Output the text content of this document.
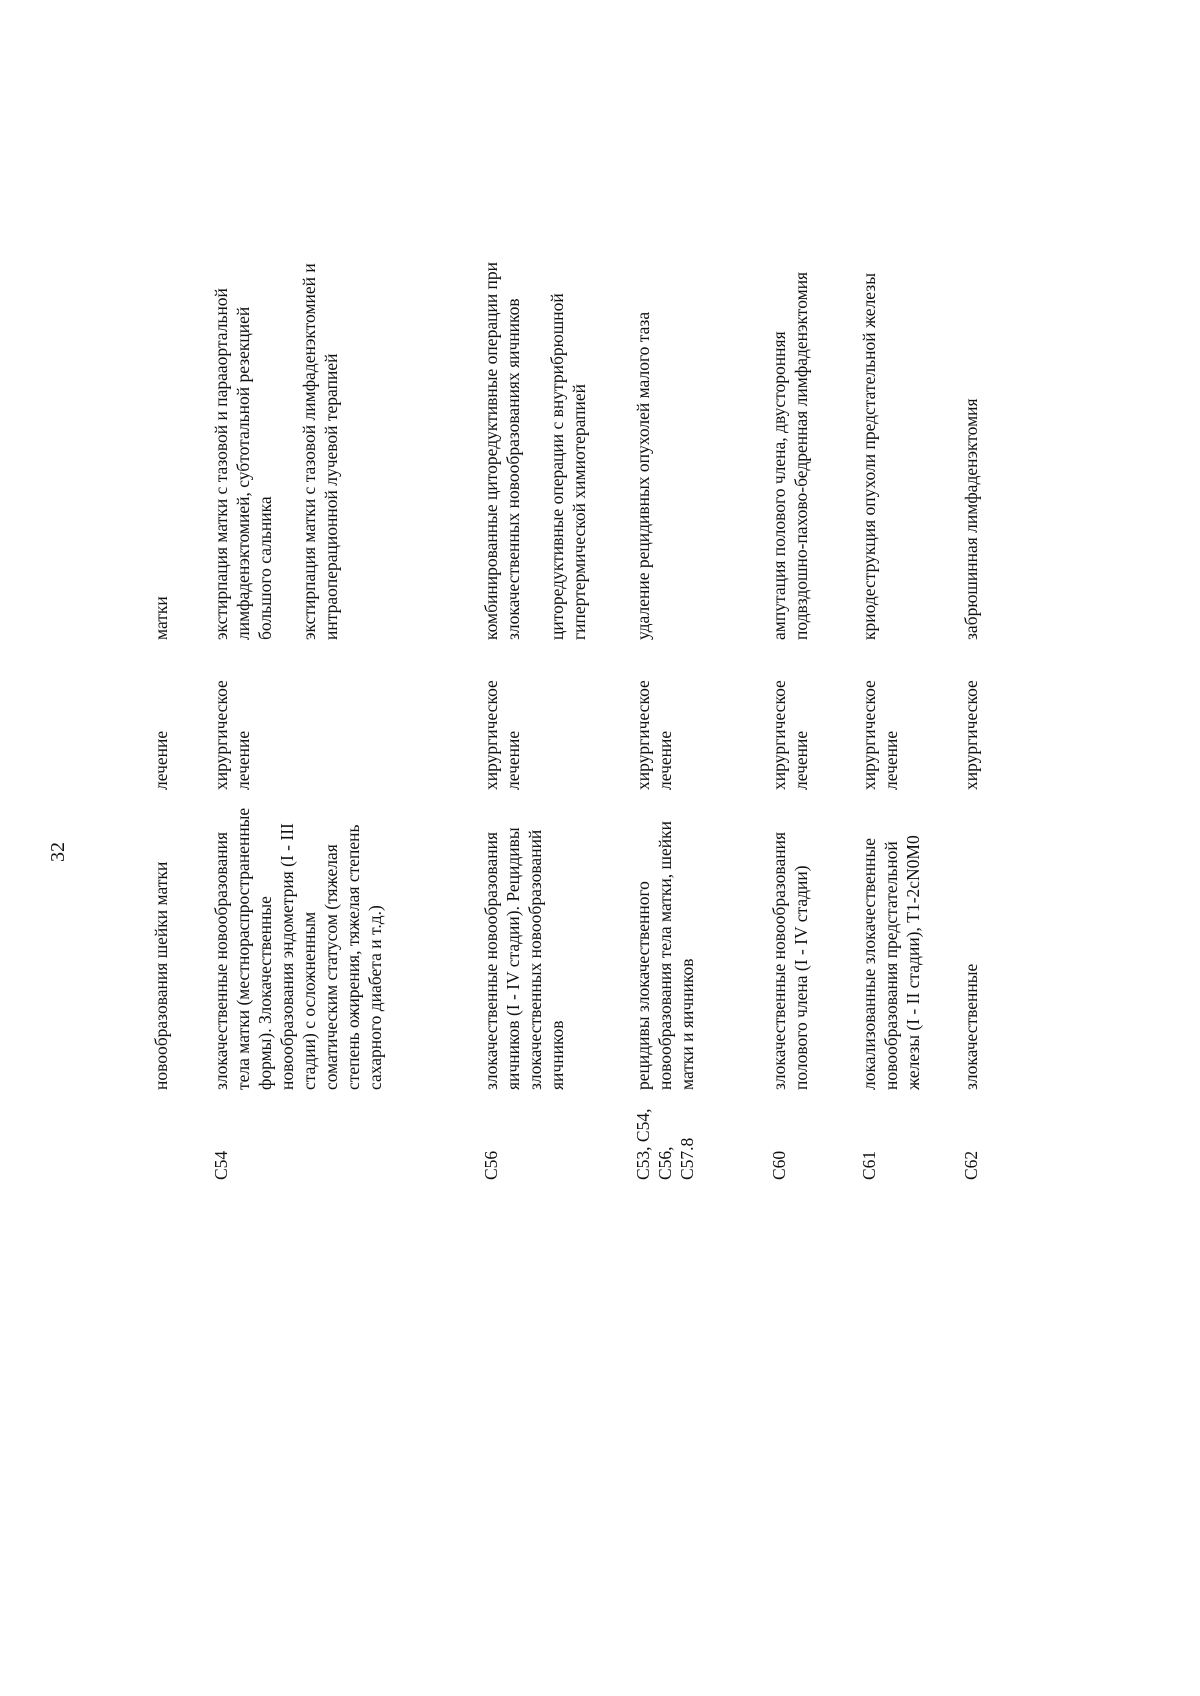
32
новообразования шейки матки
лечение
матки
C54
злокачественные новообразования тела матки (местнораспространенные формы). Злокачественные новообразования эндометрия (I - III стадии) с осложненным соматическим статусом (тяжелая степень ожирения, тяжелая степень сахарного диабета и т.д.)
хирургическое лечение
экстирпация матки с тазовой и парааортальной лимфаденэктомией, субтотальной резекцией большого сальника экстирпация матки с тазовой лимфаденэктомией и интраоперационной лучевой терапией
C56
злокачественные новообразования яичников (I - IV стадии). Рецидивы злокачественных новообразований яичников
хирургическое лечение
комбинированные циторедуктивные операции при злокачественных новообразованиях яичников циторедуктивные операции с внутрибрюшной гипертермической химиотерапией
C53, C54, C56, C57.8
рецидивы злокачественного новообразования тела матки, шейки матки и яичников
хирургическое лечение
удаление рецидивных опухолей малого таза
C60
злокачественные новообразования полового члена (I - IV стадии)
хирургическое лечение
ампутация полового члена, двусторонняя подвздошно-пахово-бедренная лимфаденэктомия
C61
локализованные злокачественные новообразования предстательной железы (I - II стадии), T1-2cN0M0
хирургическое лечение
криодеструкция опухоли предстательной железы
C62
злокачественные
хирургическое
забрюшинная лимфаденэктомия
